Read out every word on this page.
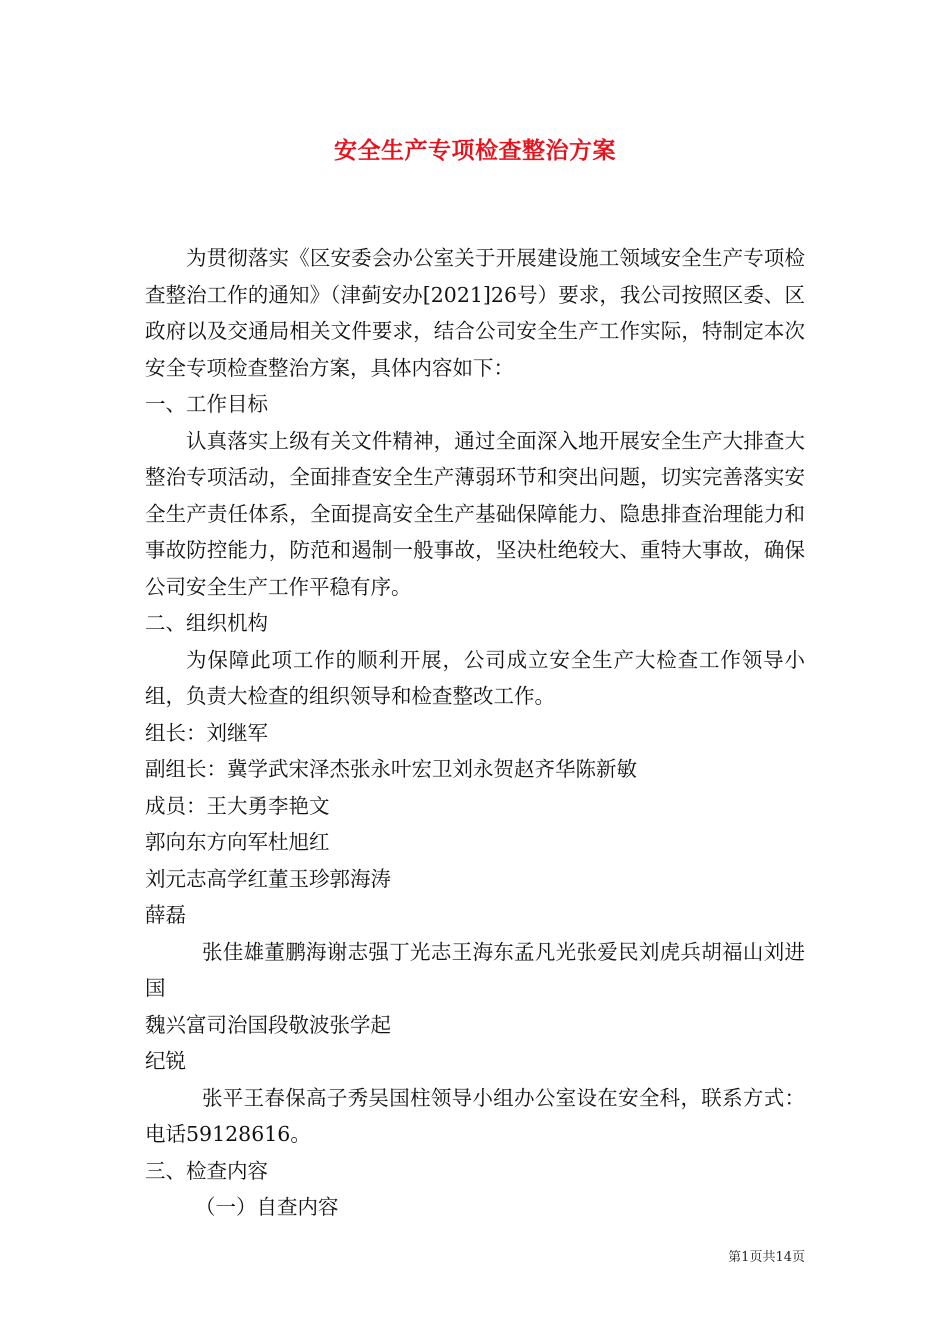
安全生产专项检查整治方案

为贯彻落实《区安委会办公室关于开展建设施工领域安全生产专项检查整治工作的通知》（津蓟安办[2021]26号）要求，我公司按照区委、区政府以及交通局相关文件要求，结合公司安全生产工作实际，特制定本次安全专项检查整治方案，具体内容如下：

一、工作目标

认真落实上级有关文件精神，通过全面深入地开展安全生产大排查大整治专项活动，全面排查安全生产薄弱环节和突出问题，切实完善落实安全生产责任体系，全面提高安全生产基础保障能力、隐患排查治理能力和事故防控能力，防范和遏制一般事故，坚决杜绝较大、重特大事故，确保公司安全生产工作平稳有序。

二、组织机构

为保障此项工作的顺利开展，公司成立安全生产大检查工作领导小组，负责大检查的组织领导和检查整改工作。

组长：刘继军

副组长：冀学武宋泽杰张永叶宏卫刘永贺赵齐华陈新敏

成员：王大勇李艳文

郭向东方向军杜旭红

刘元志高学红董玉珍郭海涛

薛磊

张佳雄董鹏海谢志强丁光志王海东孟凡光张爱民刘虎兵胡福山刘进国

魏兴富司治国段敬波张学起

纪锐

张平王春保高子秀吴国柱领导小组办公室设在安全科，联系方式：电话59128616。

三、检查内容

（一）自查内容

第1页共14页
